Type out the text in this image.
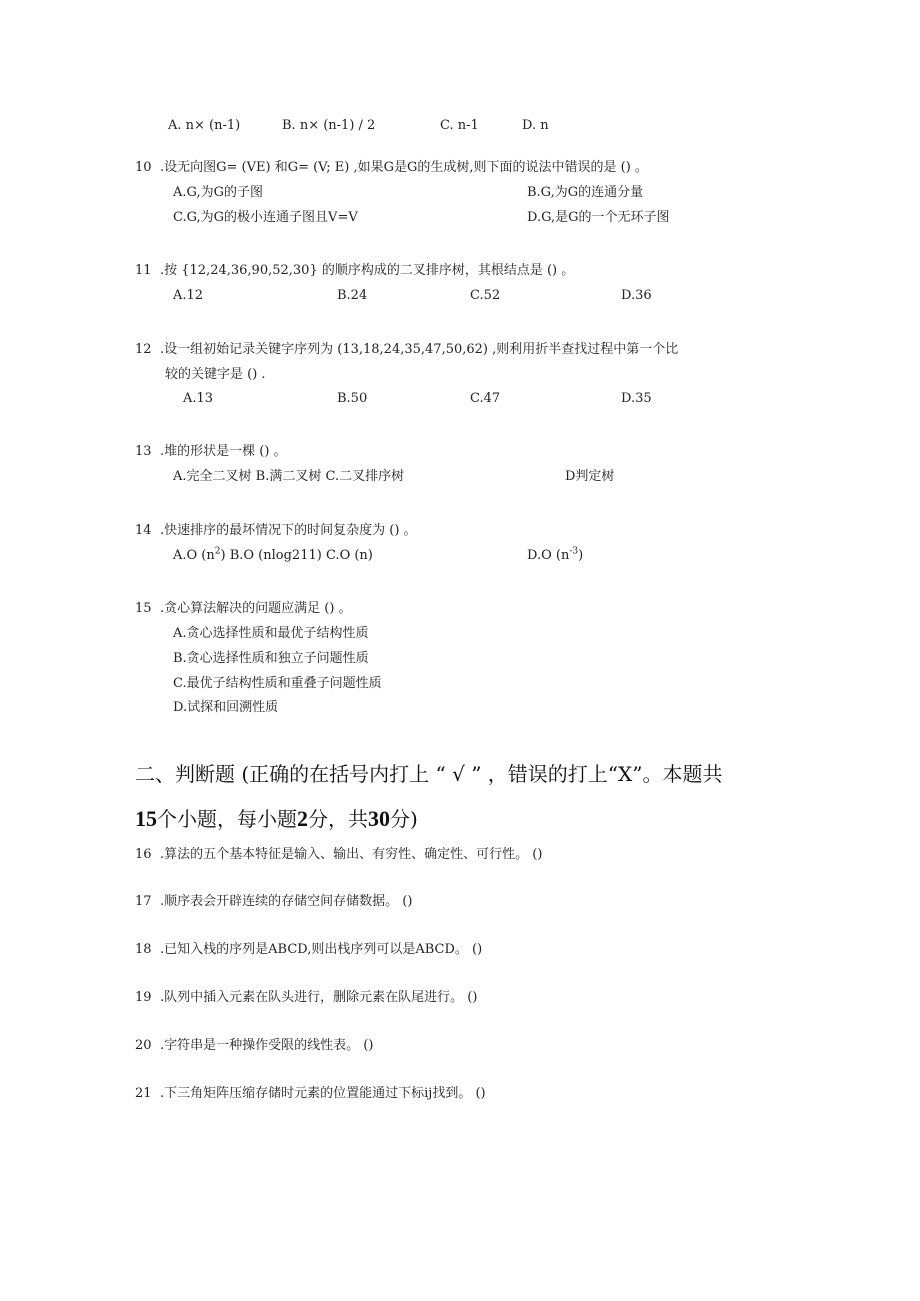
A. n× (n-1)	B. n× (n-1) / 2	C. n-1	D. n
10 .设无向图G= (VE) 和G= (V; E) ,如果G是G的生成树,则下面的说法中错误的是 () 。
A.G,为G的子图	B.G,为G的连通分量
C.G,为G的极小连通子图且V=V	D.G,是G的一个无环子图
11 .按 {12,24,36,90,52,30} 的顺序构成的二叉排序树，其根结点是 () 。
A.12	B.24	C.52	D.36
12 .设一组初始记录关键字序列为 (13,18,24,35,47,50,62) ,则利用折半查找过程中第一个比
较的关键字是 () .
A.13	B.50	C.47	D.35
13 .堆的形状是一棵 () 。
A.完全二叉树 B.满二叉树 C.二叉排序树	D判定树
14 .快速排序的最坏情况下的时间复杂度为 () 。
A.O $(n^2)$ B.O (nlog211) C.O (n)	D.O $(n^{-3})$
15 .贪心算法解决的问题应满足 () 。
A.贪心选择性质和最优子结构性质
B.贪心选择性质和独立子问题性质
C.最优子结构性质和重叠子问题性质
D.试探和回溯性质
二、判断题 (正确的在括号内打上 “ √ ” ，错误的打上“X”。本题共
15个小题，每小题2分，共30分)
16 .算法的五个基本特征是输入、输出、有穷性、确定性、可行性。 ()
17 .顺序表会开辟连续的存储空间存储数据。 ()
18 .已知入栈的序列是ABCD,则出栈序列可以是ABCD。 ()
19 .队列中插入元素在队头进行，删除元素在队尾进行。 ()
20 .字符串是一种操作受限的线性表。 ()
21 .下三角矩阵压缩存储时元素的位置能通过下标ij找到。 ()
